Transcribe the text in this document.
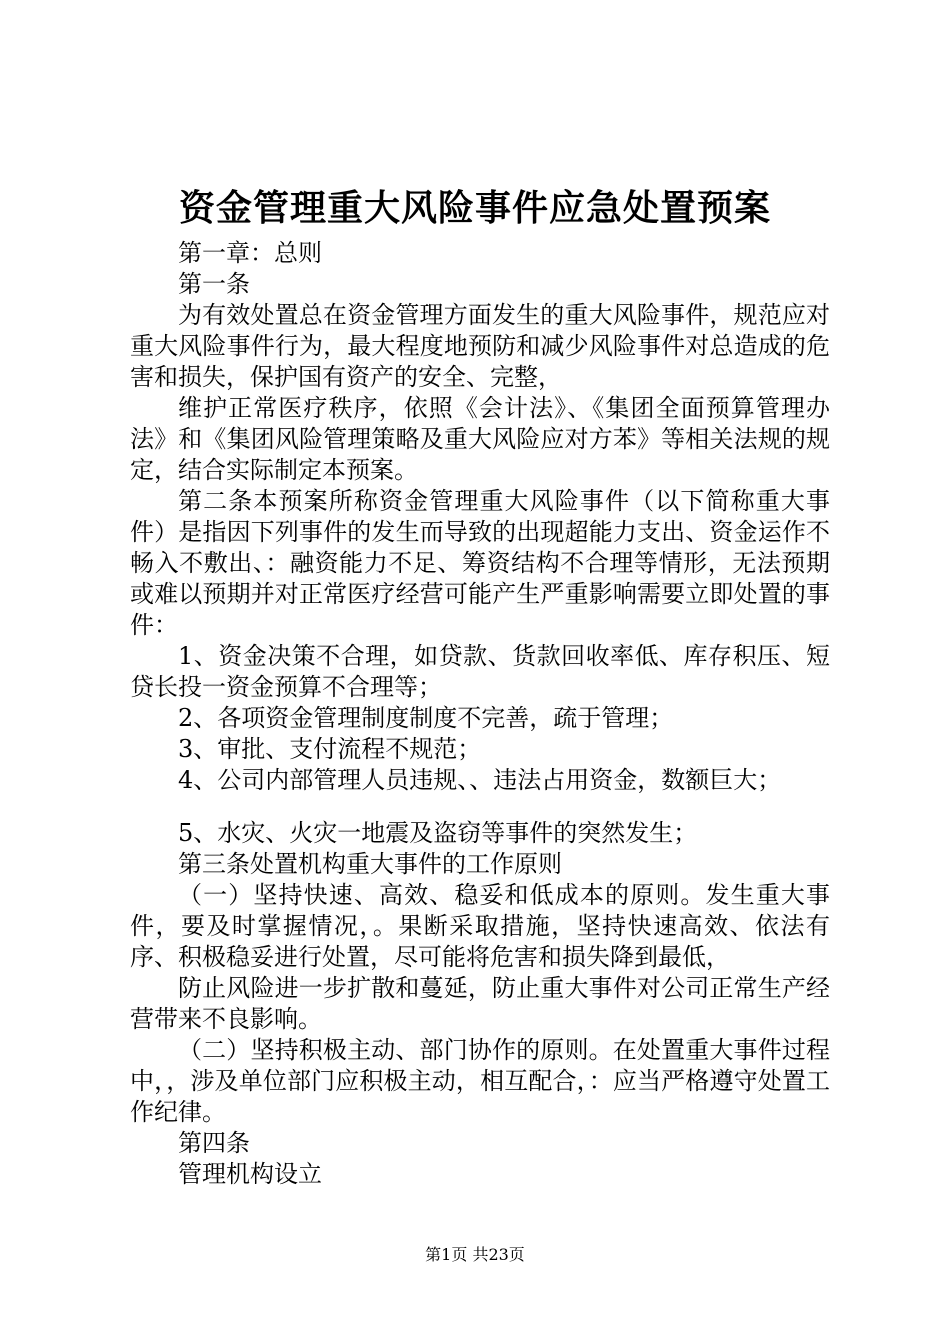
资金管理重大风险事件应急处置预案

第一章：总则

第一条

为有效处置总在资金管理方面发生的重大风险事件，规范应对重大风险事件行为，最大程度地预防和减少风险事件对总造成的危害和损失，保护国有资产的安全、完整，

维护正常医疗秩序，依照《会计法》、《集团全面预算管理办法》和《集团风险管理策略及重大风险应对方苯》等相关法规的规定，结合实际制定本预案。

第二条本预案所称资金管理重大风险事件（以下简称重大事件）是指因下列事件的发生而导致的出现超能力支出、资金运作不畅入不敷出、：融资能力不足、筹资结构不合理等情形，无法预期或难以预期并对正常医疗经营可能产生严重影响需要立即处置的事件：

1、资金决策不合理，如贷款、货款回收率低、库存积压、短贷长投一资金预算不合理等；

2、各项资金管理制度制度不完善，疏于管理；

3、审批、支付流程不规范；

4、公司内部管理人员违规、、违法占用资金，数额巨大；

5、水灾、火灾一地震及盗窃等事件的突然发生；

第三条处置机构重大事件的工作原则

（一）坚持快速、高效、稳妥和低成本的原则。发生重大事件，要及时掌握情况，。果断采取措施，坚持快速高效、依法有序、积极稳妥进行处置，尽可能将危害和损失降到最低，

防止风险进一步扩散和蔓延，防止重大事件对公司正常生产经营带来不良影响。

（二）坚持积极主动、部门协作的原则。在处置重大事件过程中，，涉及单位部门应积极主动，相互配合，：应当严格遵守处置工作纪律。

第四条

管理机构设立

第1页 共23页
